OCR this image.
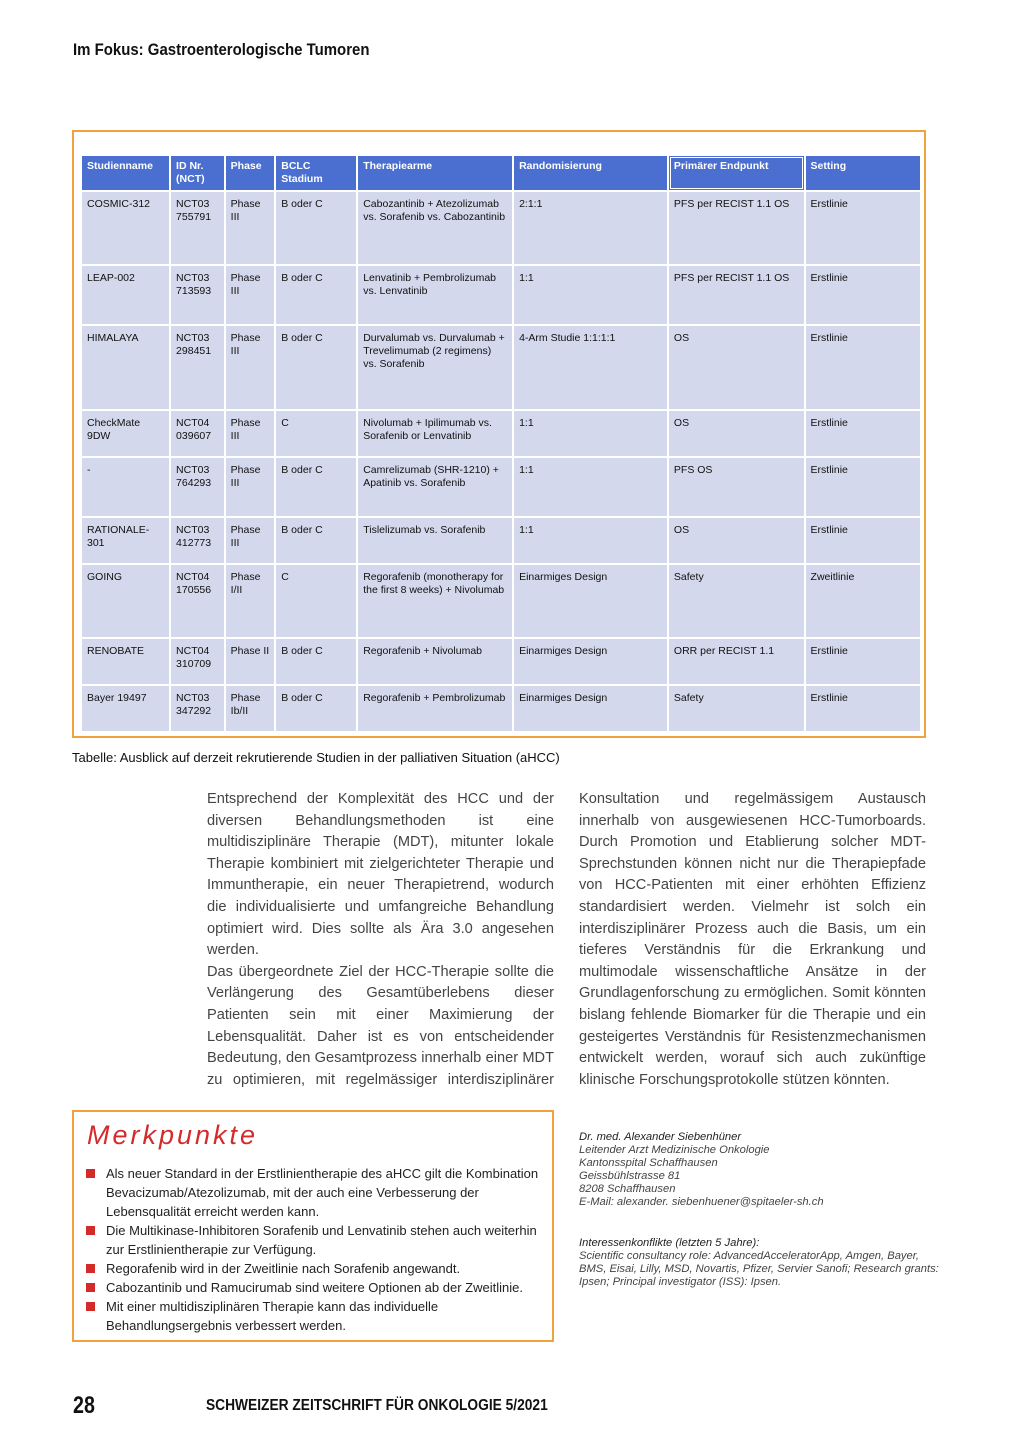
Im Fokus: Gastroenterologische Tumoren
Studienname	ID Nr. (NCT)	Phase	BCLC Stadium	Therapiearme	Randomisierung	Primärer Endpunkt	Setting
COSMIC-312	NCT03 755791	Phase III	B oder C	Cabozantinib + Atezolizumab vs. Sorafenib vs. Cabozantinib	2:1:1	PFS per RECIST 1.1 OS	Erstlinie
LEAP-002	NCT03 713593	Phase III	B oder C	Lenvatinib + Pembrolizumab vs. Lenvatinib	1:1	PFS per RECIST 1.1 OS	Erstlinie
HIMALAYA	NCT03 298451	Phase III	B oder C	Durvalumab vs. Durvalumab + Trevelimumab (2 regimens) vs. Sorafenib	4-Arm Studie 1:1:1:1	OS	Erstlinie
CheckMate 9DW	NCT04 039607	Phase III	C	Nivolumab + Ipilimumab vs. Sorafenib or Lenvatinib	1:1	OS	Erstlinie
-	NCT03 764293	Phase III	B oder C	Camrelizumab (SHR-1210) + Apatinib vs. Sorafenib	1:1	PFS OS	Erstlinie
RATIONALE-301	NCT03 412773	Phase III	B oder C	Tislelizumab vs. Sorafenib	1:1	OS	Erstlinie
GOING	NCT04 170556	Phase I/II	C	Regorafenib (monotherapy for the first 8 weeks) + Nivolumab	Einarmiges Design	Safety	Zweitlinie
RENOBATE	NCT04 310709	Phase II	B oder C	Regorafenib + Nivolumab	Einarmiges Design	ORR per RECIST 1.1	Erstlinie
Bayer 19497	NCT03 347292	Phase Ib/II	B oder C	Regorafenib + Pembrolizumab	Einarmiges Design	Safety	Erstlinie
Tabelle: Ausblick auf derzeit rekrutierende Studien in der palliativen Situation (aHCC)

Entsprechend der Komplexität des HCC und der diversen Behandlungsmethoden ist eine multidisziplinäre Therapie (MDT), mitunter lokale Therapie kombiniert mit zielgerichteter Therapie und Immuntherapie, ein neuer Therapietrend, wodurch die individualisierte und umfangreiche Behandlung optimiert wird. Dies sollte als Ära 3.0 angesehen werden.

Das übergeordnete Ziel der HCC-Therapie sollte die Verlängerung des Gesamtüberlebens dieser Patienten sein mit einer Maximierung der Lebensqualität. Daher ist es von entscheidender Bedeutung, den Gesamtprozess innerhalb einer MDT zu optimieren, mit regelmässiger interdisziplinärer

Konsultation und regelmässigem Austausch innerhalb von ausgewiesenen HCC-Tumorboards. Durch Promotion und Etablierung solcher MDT-Sprechstunden können nicht nur die Therapiepfade von HCC-Patienten mit einer erhöhten Effizienz standardisiert werden. Vielmehr ist solch ein interdisziplinärer Prozess auch die Basis, um ein tieferes Verständnis für die Erkrankung und multimodale wissenschaftliche Ansätze in der Grundlagenforschung zu ermöglichen. Somit könnten bislang fehlende Biomarker für die Therapie und ein gesteigertes Verständnis für Resistenzmechanismen entwickelt werden, worauf sich auch zukünftige klinische Forschungsprotokolle stützen könnten.

Merkpunkte
Als neuer Standard in der Erstlinientherapie des aHCC gilt die Kombination Bevacizumab/Atezolizumab, mit der auch eine Verbesserung der Lebensqualität erreicht werden kann.
Die Multikinase-Inhibitoren Sorafenib und Lenvatinib stehen auch weiterhin zur Erstlinientherapie zur Verfügung.
Regorafenib wird in der Zweitlinie nach Sorafenib angewandt.
Cabozantinib und Ramucirumab sind weitere Optionen ab der Zweitlinie.
Mit einer multidisziplinären Therapie kann das individuelle Behandlungsergebnis verbessert werden.
Dr. med. Alexander Siebenhüner
Leitender Arzt Medizinische Onkologie
Kantonsspital Schaffhausen
Geissbühlstrasse 81
8208 Schaffhausen
E-Mail: alexander. siebenhuener@spitaeler-sh.ch
Interessenkonflikte (letzten 5 Jahre):
Scientific consultancy role: AdvancedAcceleratorApp, Amgen, Bayer, BMS, Eisai, Lilly, MSD, Novartis, Pfizer, Servier Sanofi; Research grants: Ipsen; Principal investigator (ISS): Ipsen.
28	SCHWEIZER ZEITSCHRIFT FÜR ONKOLOGIE 5/2021
